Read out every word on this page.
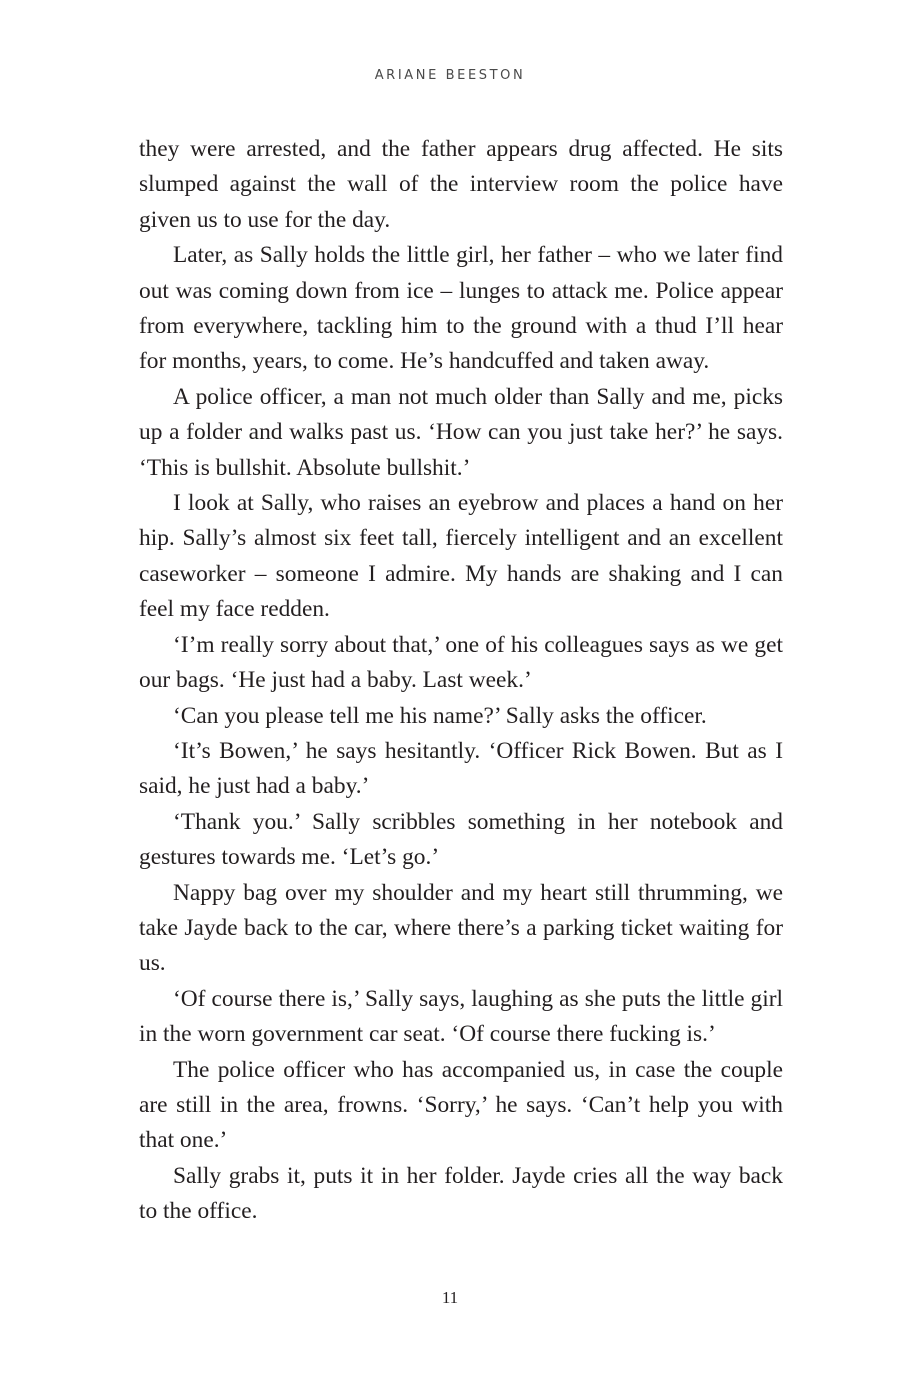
ARIANE BEESTON

they were arrested, and the father appears drug affected. He sits slumped against the wall of the interview room the police have given us to use for the day.

Later, as Sally holds the little girl, her father – who we later find out was coming down from ice – lunges to attack me. Police appear from everywhere, tackling him to the ground with a thud I’ll hear for months, years, to come. He’s handcuffed and taken away.

A police officer, a man not much older than Sally and me, picks up a folder and walks past us. ‘How can you just take her?’ he says. ‘This is bullshit. Absolute bullshit.’

I look at Sally, who raises an eyebrow and places a hand on her hip. Sally’s almost six feet tall, fiercely intelligent and an excellent caseworker – someone I admire. My hands are shaking and I can feel my face redden.

‘I’m really sorry about that,’ one of his colleagues says as we get our bags. ‘He just had a baby. Last week.’

‘Can you please tell me his name?’ Sally asks the officer.

‘It’s Bowen,’ he says hesitantly. ‘Officer Rick Bowen. But as I said, he just had a baby.’

‘Thank you.’ Sally scribbles something in her notebook and gestures towards me. ‘Let’s go.’

Nappy bag over my shoulder and my heart still thrumming, we take Jayde back to the car, where there’s a parking ticket waiting for us.

‘Of course there is,’ Sally says, laughing as she puts the little girl in the worn government car seat. ‘Of course there fucking is.’

The police officer who has accompanied us, in case the couple are still in the area, frowns. ‘Sorry,’ he says. ‘Can’t help you with that one.’

Sally grabs it, puts it in her folder. Jayde cries all the way back to the office.

11
